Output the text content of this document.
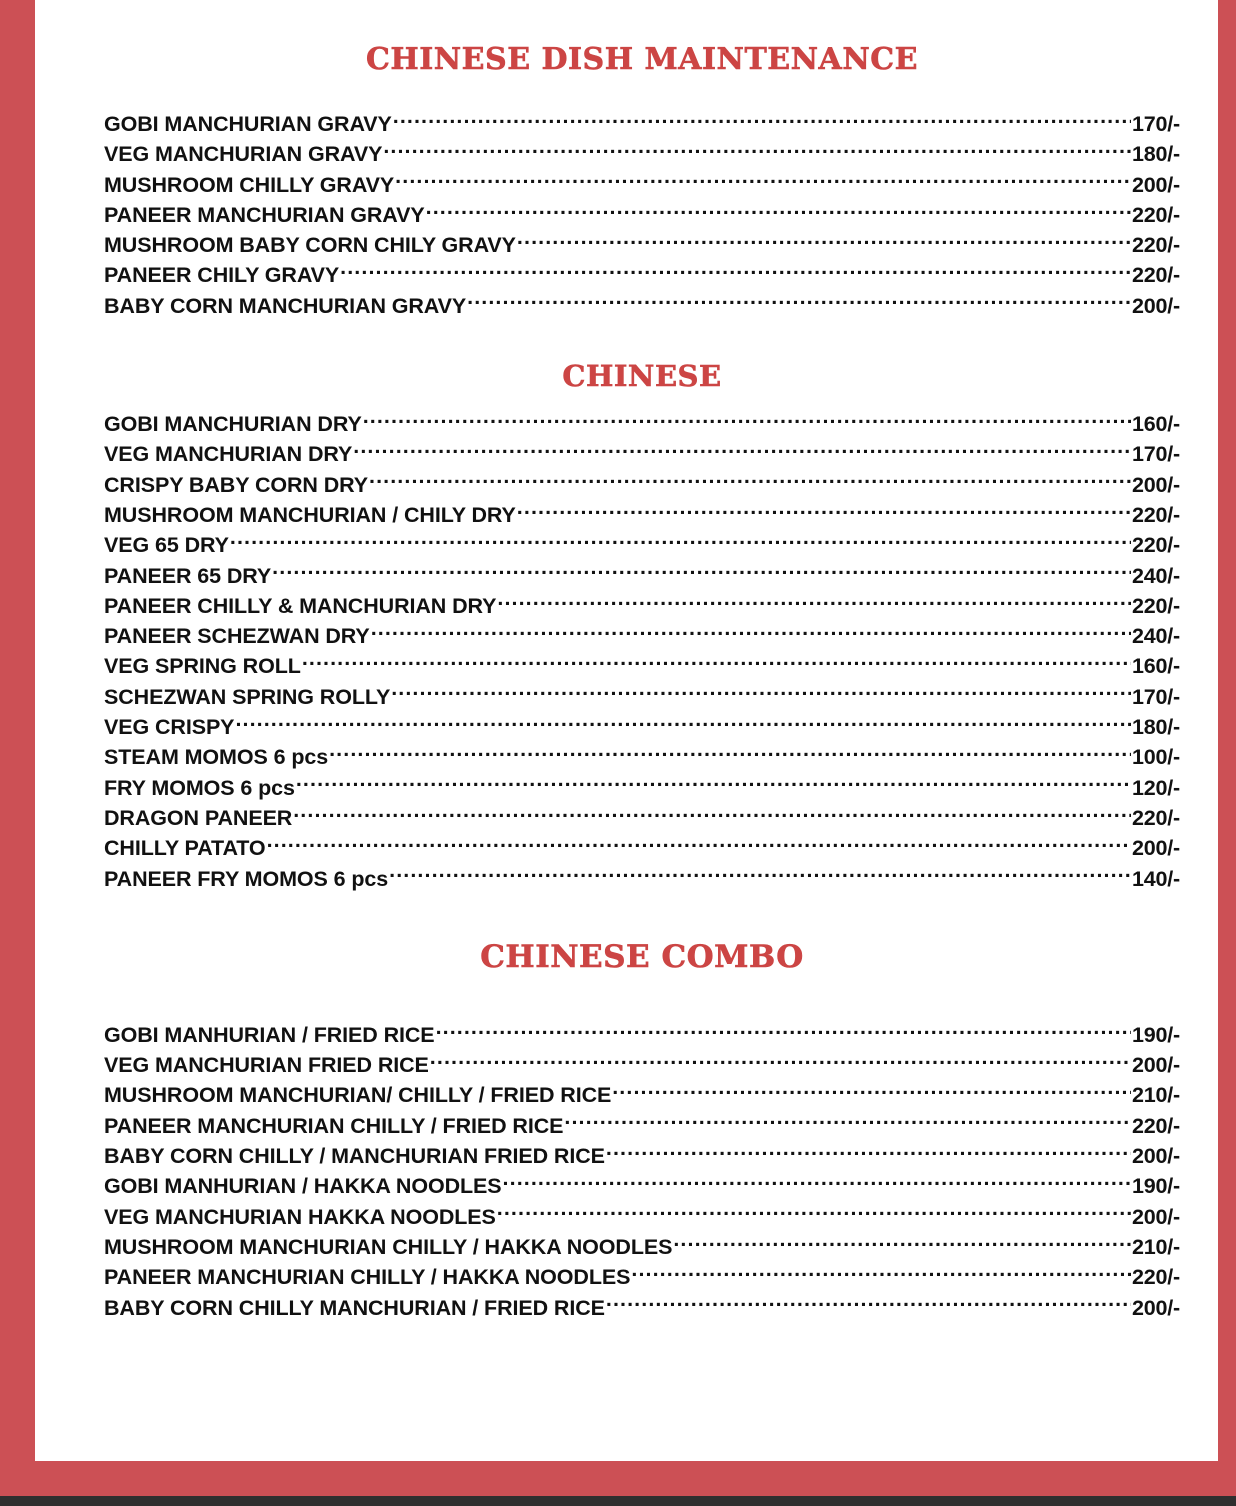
CHINESE DISH MAINTENANCE
GOBI MANCHURIAN GRAVY .....	170/-
VEG MANCHURIAN GRAVY .....	180/-
MUSHROOM CHILLY GRAVY .....	200/-
PANEER MANCHURIAN GRAVY .....	220/-
MUSHROOM BABY CORN CHILY GRAVY .....	220/-
PANEER CHILY GRAVY .....	220/-
BABY CORN MANCHURIAN GRAVY .....	200/-
CHINESE
GOBI MANCHURIAN DRY .....	160/-
VEG MANCHURIAN DRY .....	170/-
CRISPY BABY CORN DRY .....	200/-
MUSHROOM MANCHURIAN / CHILY DRY .....	220/-
VEG 65 DRY .....	220/-
PANEER 65 DRY .....	240/-
PANEER CHILLY & MANCHURIAN DRY .....	220/-
PANEER SCHEZWAN DRY .....	240/-
VEG SPRING ROLL .....	160/-
SCHEZWAN SPRING ROLLY .....	170/-
VEG CRISPY .....	180/-
STEAM MOMOS 6 pcs .....	100/-
FRY MOMOS 6 pcs .....	120/-
DRAGON PANEER .....	220/-
CHILLY PATATO .....	200/-
PANEER FRY MOMOS 6 pcs .....	140/-
CHINESE COMBO
GOBI MANHURIAN / FRIED RICE .....	190/-
VEG MANCHURIAN FRIED RICE .....	200/-
MUSHROOM MANCHURIAN/ CHILLY / FRIED RICE .....	210/-
PANEER MANCHURIAN CHILLY / FRIED RICE .....	220/-
BABY CORN CHILLY / MANCHURIAN FRIED RICE .....	200/-
GOBI MANHURIAN / HAKKA NOODLES .....	190/-
VEG MANCHURIAN HAKKA NOODLES .....	200/-
MUSHROOM MANCHURIAN CHILLY / HAKKA NOODLES .....	210/-
PANEER MANCHURIAN CHILLY / HAKKA NOODLES .....	220/-
BABY CORN CHILLY MANCHURIAN / FRIED RICE .....	200/-
